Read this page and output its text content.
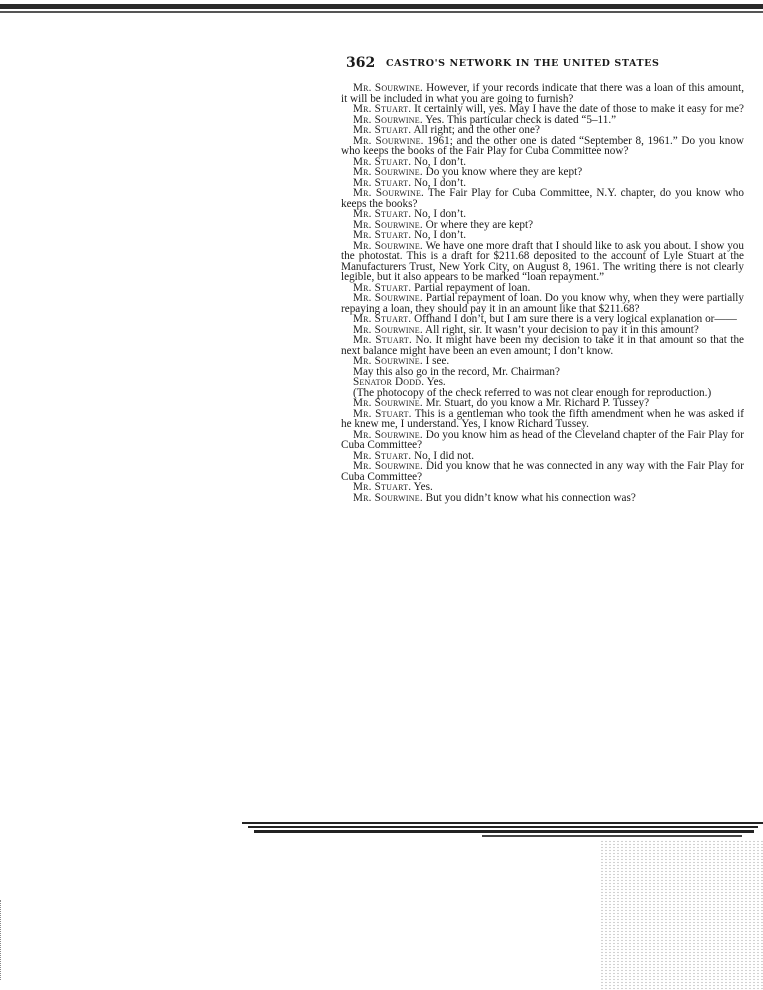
362 CASTRO'S NETWORK IN THE UNITED STATES

Mr. Sourwine. However, if your records indicate that there was a loan of this amount, it will be included in what you are going to furnish?

Mr. Stuart. It certainly will, yes. May I have the date of those to make it easy for me?

Mr. Sourwine. Yes. This particular check is dated “5–11.”

Mr. Stuart. All right; and the other one?

Mr. Sourwine. 1961; and the other one is dated “September 8, 1961.” Do you know who keeps the books of the Fair Play for Cuba Committee now?

Mr. Stuart. No, I don’t.

Mr. Sourwine. Do you know where they are kept?

Mr. Stuart. No, I don’t.

Mr. Sourwine. The Fair Play for Cuba Committee, N.Y. chapter, do you know who keeps the books?

Mr. Stuart. No, I don’t.

Mr. Sourwine. Or where they are kept?

Mr. Stuart. No, I don’t.

Mr. Sourwine. We have one more draft that I should like to ask you about. I show you the photostat. This is a draft for $211.68 deposited to the account of Lyle Stuart at the Manufacturers Trust, New York City, on August 8, 1961. The writing there is not clearly legible, but it also appears to be marked “loan repayment.”

Mr. Stuart. Partial repayment of loan.

Mr. Sourwine. Partial repayment of loan. Do you know why, when they were partially repaying a loan, they should pay it in an amount like that $211.68?

Mr. Stuart. Offhand I don’t, but I am sure there is a very logical explanation or——

Mr. Sourwine. All right, sir. It wasn’t your decision to pay it in this amount?

Mr. Stuart. No. It might have been my decision to take it in that amount so that the next balance might have been an even amount; I don’t know.

Mr. Sourwine. I see.

May this also go in the record, Mr. Chairman?

Senator Dodd. Yes.

(The photocopy of the check referred to was not clear enough for reproduction.)

Mr. Sourwine. Mr. Stuart, do you know a Mr. Richard P. Tussey?

Mr. Stuart. This is a gentleman who took the fifth amendment when he was asked if he knew me, I understand. Yes, I know Richard Tussey.

Mr. Sourwine. Do you know him as head of the Cleveland chapter of the Fair Play for Cuba Committee?

Mr. Stuart. No, I did not.

Mr. Sourwine. Did you know that he was connected in any way with the Fair Play for Cuba Committee?

Mr. Stuart. Yes.

Mr. Sourwine. But you didn’t know what his connection was?
